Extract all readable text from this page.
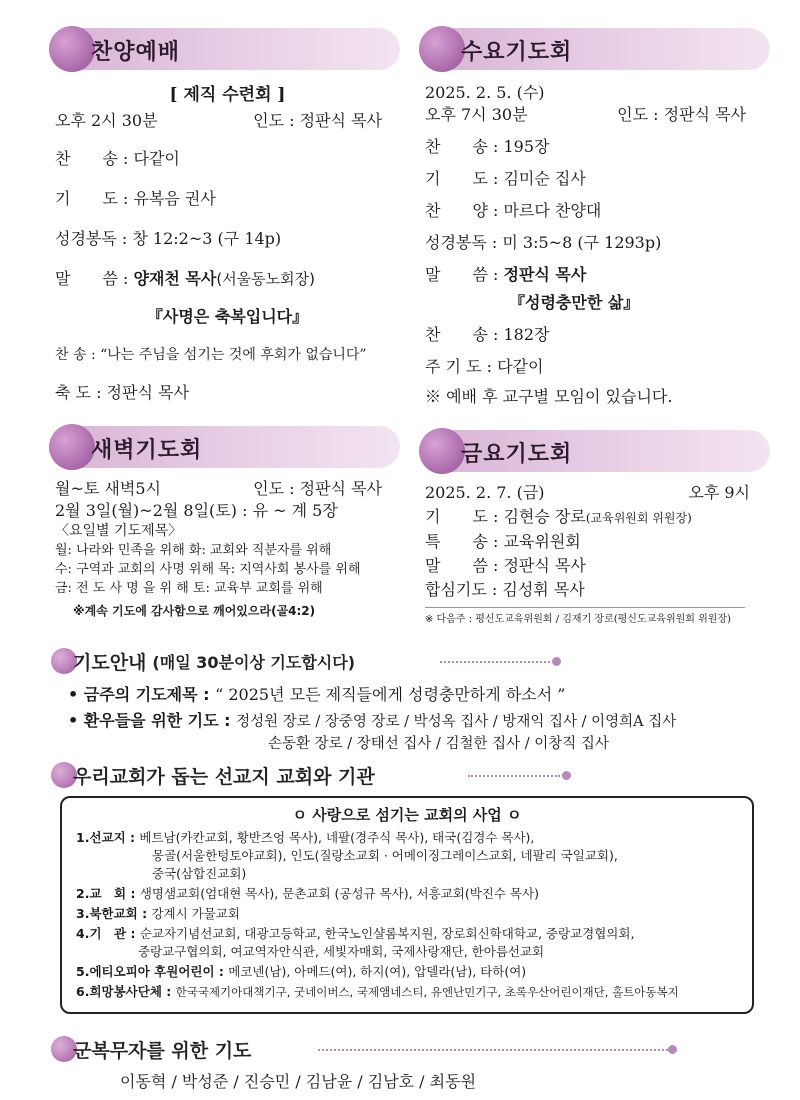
찬양예배
[ 제직 수련회 ]
오후 2시 30분	인도 : 정판식 목사
찬　　송 : 다같이
기　　도 : 유복음 권사
성경봉독 : 창 12:2~3 (구 14p)
말　　씀 : 양재천 목사(서울동노회장)
『사명은 축복입니다』
찬 송 : “나는 주님을 섬기는 것에 후회가 없습니다”
축 도 : 정판식 목사
새벽기도회
월~토 새벽5시	인도 : 정판식 목사
2월 3일(월)~2월 8일(토) : 유 ~ 계 5장
〈요일별 기도제목〉
월: 나라와 민족을 위해 화: 교회와 직분자를 위해
수: 구역과 교회의 사명 위해 목: 지역사회 봉사를 위해
금: 전 도 사 명 을 위 해 토: 교육부 교회를 위해
※계속 기도에 감사함으로 깨어있으라(골4:2)
수요기도회
2025. 2. 5. (수)
오후 7시 30분	인도 : 정판식 목사
찬　　송 : 195장
기　　도 : 김미순 집사
찬　　양 : 마르다 찬양대
성경봉독 : 미 3:5~8 (구 1293p)
말　　씀 : 정판식 목사
『성령충만한 삶』
찬　　송 : 182장
주 기 도 : 다같이
※ 예배 후 교구별 모임이 있습니다.
금요기도회
2025. 2. 7. (금)	오후 9시
기　　도 : 김현승 장로(교육위원회 위원장)
특　　송 : 교육위원회
말　　씀 : 정판식 목사
합심기도 : 김성휘 목사
※ 다음주 : 평신도교육위원회 / 김재기 장로(평신도교육위원회 위원장)
기도안내 (매일 30분이상 기도합시다)
• 금주의 기도제목 : “ 2025년 모든 제직들에게 성령충만하게 하소서 ”
• 환우들을 위한 기도 : 정성원 장로 / 장중영 장로 / 박성옥 집사 / 방재익 집사 / 이영희A 집사
손동환 장로 / 장태선 집사 / 김철한 집사 / 이창직 집사
우리교회가 돕는 선교지 교회와 기관
ㅇ 사랑으로 섬기는 교회의 사업 ㅇ
1.선교지 : 베트남(카칸교회, 황반즈엉 목사), 네팔(경주식 목사), 태국(김경수 목사),
몽골(서울한텅토야교회), 인도(질랑소교회 · 어메이징그레이스교회, 네팔리 국일교회),
중국(삼합진교회)
2.교　회 : 생명샘교회(엄대현 목사), 문촌교회 (공성규 목사), 서흥교회(박진수 목사)
3.북한교회 : 강계시 가물교회
4.기　관 : 순교자기념선교회, 대광고등학교, 한국노인샬롬복지원, 장로회신학대학교, 중랑교경협의회,
중랑교구협의회, 여교역자안식관, 세빛자매회, 국제사랑재단, 한아름선교회
5.에티오피아 후원어린이 : 메코넨(남), 아메드(여), 하지(여), 압델라(남), 타하(여)
6.희망봉사단체 : 한국국제기아대책기구, 굿네이버스, 국제앰네스티, 유엔난민기구, 초록우산어린이재단, 홀트아동복지
군복무자를 위한 기도
이동혁 / 박성준 / 진승민 / 김남윤 / 김남호 / 최동원
